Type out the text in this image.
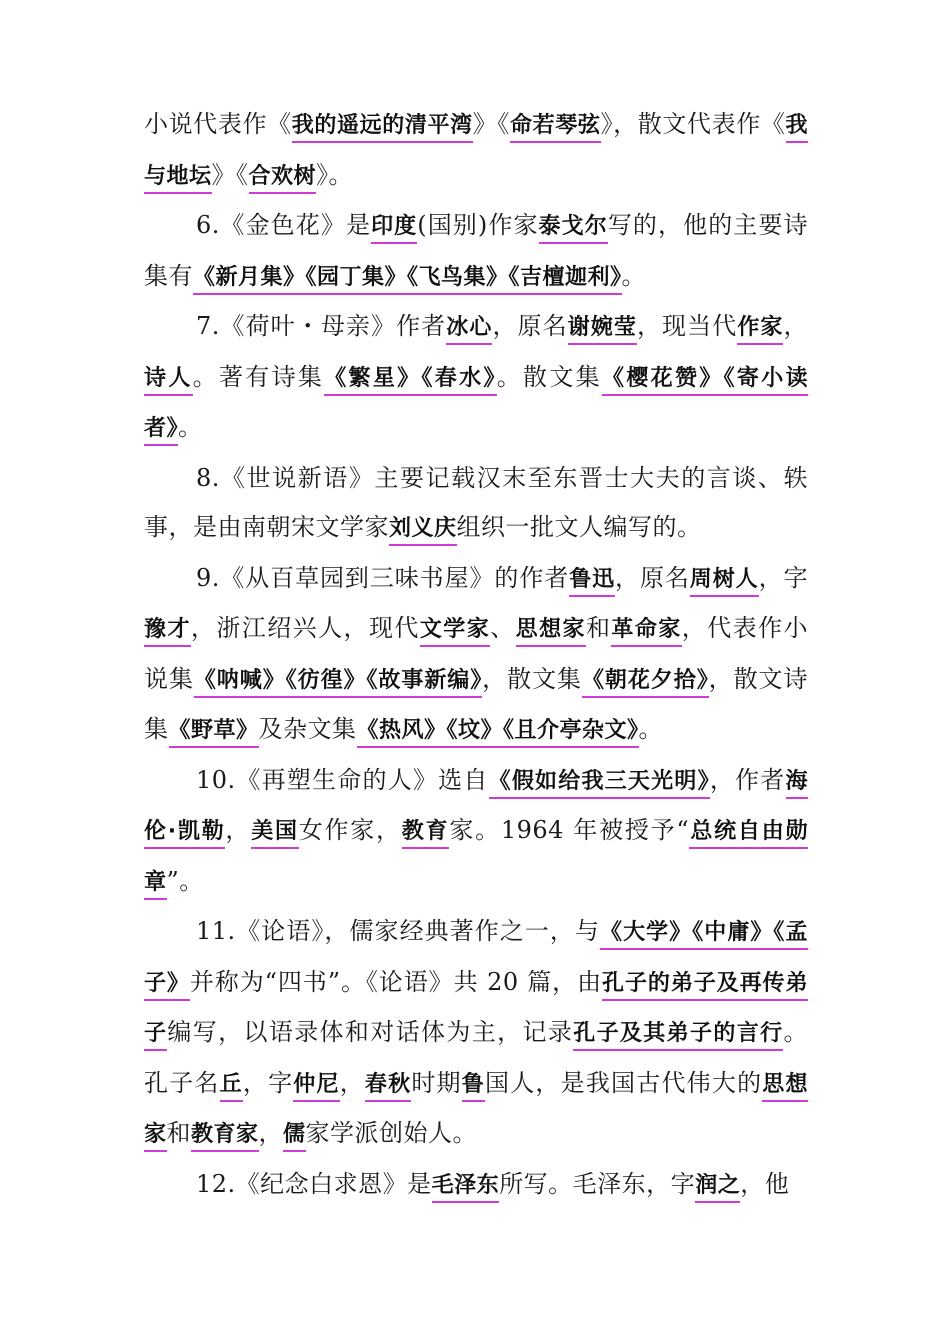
小说代表作《我的遥远的清平湾》《命若琴弦》，散文代表作《我与地坛》《合欢树》。

6.《金色花》是印度(国别)作家泰戈尔写的，他的主要诗集有《新月集》《园丁集》《飞鸟集》《吉檀迦利》。

7.《荷叶・母亲》作者冰心，原名谢婉莹，现当代作家，诗人。著有诗集《繁星》《春水》。散文集《樱花赞》《寄小读者》。

8.《世说新语》主要记载汉末至东晋士大夫的言谈、轶事，是由南朝宋文学家刘义庆组织一批文人编写的。

9.《从百草园到三味书屋》的作者鲁迅，原名周树人，字豫才，浙江绍兴人，现代文学家、思想家和革命家，代表作小说集《呐喊》《彷徨》《故事新编》，散文集《朝花夕拾》，散文诗集《野草》及杂文集《热风》《坟》《且介亭杂文》。

10.《再塑生命的人》选自《假如给我三天光明》，作者海伦·凯勒，美国女作家，教育家。1964 年被授予“总统自由勋章”。

11.《论语》，儒家经典著作之一，与《大学》《中庸》《孟子》并称为“四书”。《论语》共 20 篇，由孔子的弟子及再传弟子编写，以语录体和对话体为主，记录孔子及其弟子的言行。孔子名丘，字仲尼，春秋时期鲁国人，是我国古代伟大的思想家和教育家，儒家学派创始人。

12.《纪念白求恩》是毛泽东所写。毛泽东，字润之，他
